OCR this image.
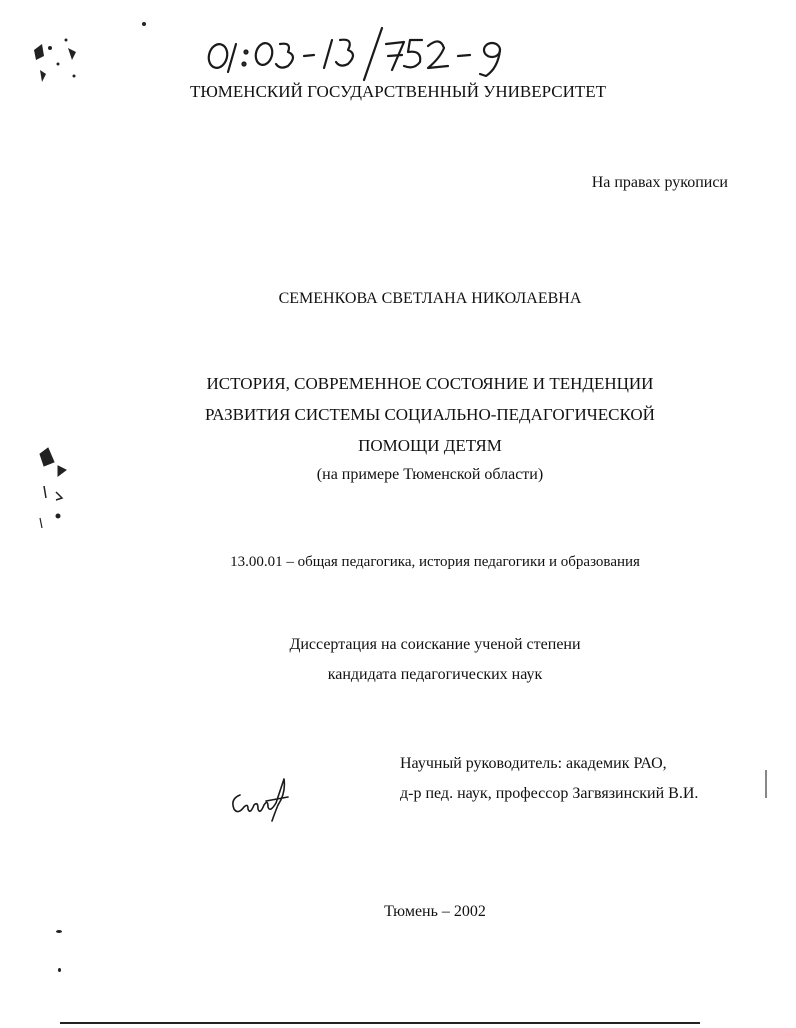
ТЮМЕНСКИЙ ГОСУДАРСТВЕННЫЙ УНИВЕРСИТЕТ
На правах рукописи
СЕМЕНКОВА СВЕТЛАНА НИКОЛАЕВНА
ИСТОРИЯ, СОВРЕМЕННОЕ СОСТОЯНИЕ И ТЕНДЕНЦИИ
РАЗВИТИЯ СИСТЕМЫ СОЦИАЛЬНО-ПЕДАГОГИЧЕСКОЙ
ПОМОЩИ ДЕТЯМ
(на примере Тюменской области)
13.00.01 – общая педагогика, история педагогики и образования
Диссертация на соискание ученой степени
кандидата педагогических наук
Научный руководитель: академик РАО,
д-р пед. наук, профессор Загвязинский В.И.
Тюмень – 2002
